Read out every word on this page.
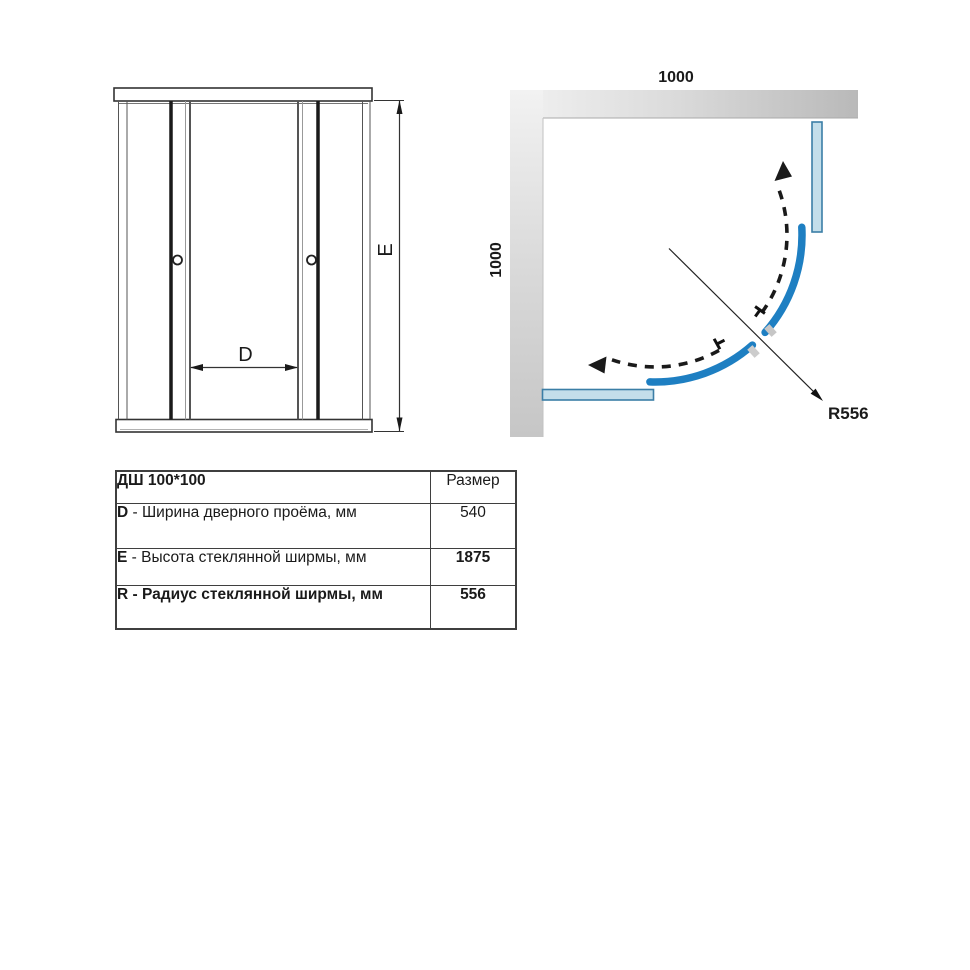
D
E
1000
1000
R556
ДШ 100*100	Размер
D - Ширина дверного проёма, мм	540
E - Высота стеклянной ширмы, мм	1875
R - Радиус стеклянной ширмы, мм	556
